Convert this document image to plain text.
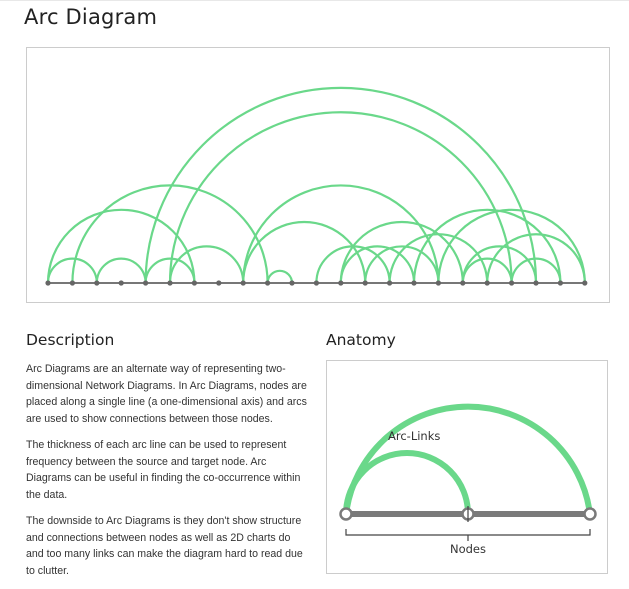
Arc Diagram
Description

Arc Diagrams are an alternate way of representing two-dimensional Network Diagrams. In Arc Diagrams, nodes are placed along a single line (a one-dimensional axis) and arcs are used to show connections between those nodes.

The thickness of each arc line can be used to represent frequency between the source and target node. Arc Diagrams can be useful in finding the co-occurrence within the data.

The downside to Arc Diagrams is they don't show structure and connections between nodes as well as 2D charts do and too many links can make the diagram hard to read due to clutter.

Anatomy
Arc-Links
Nodes
